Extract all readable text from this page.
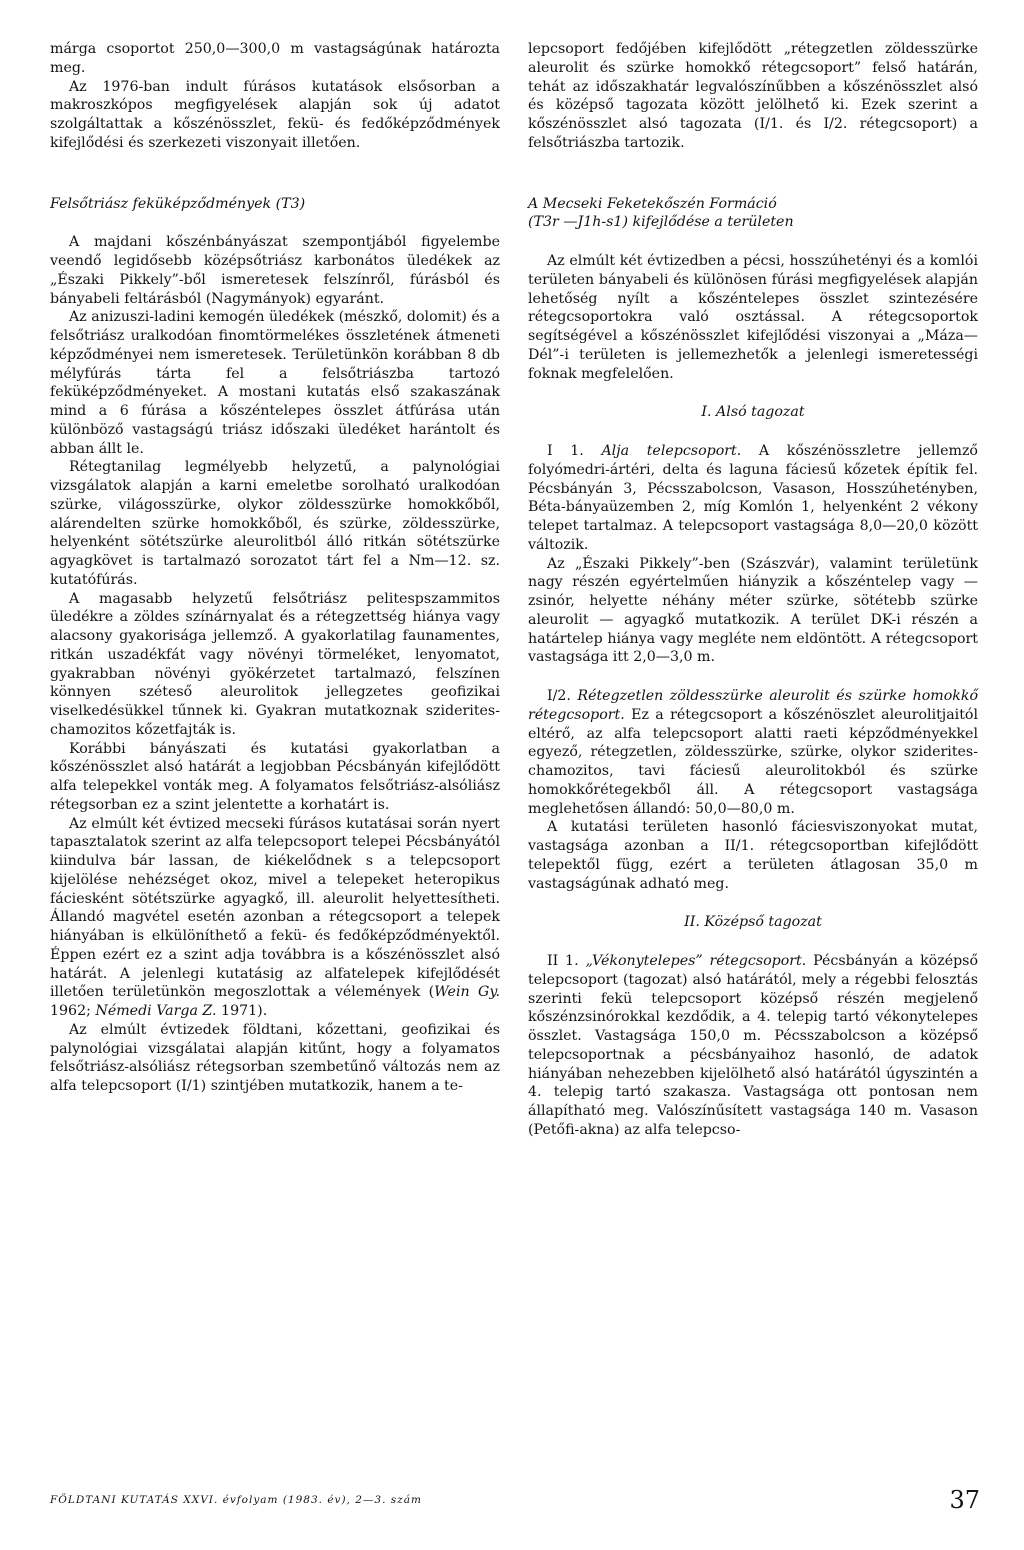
márga csoportot 250,0—300,0 m vastagságúnak határozta meg.

Az 1976-ban indult fúrásos kutatások elsősorban a makroszkópos megfigyelések alapján sok új adatot szolgáltattak a kőszénösszlet, fekü- és fedőképződmények kifejlődési és szerkezeti viszonyait illetően.

Felsőtriász feküképződmények (T3)

A majdani kőszénbányászat szempontjából figyelembe veendő legidősebb középsőtriász karbonátos üledékek az „Északi Pikkely”-ből ismeretesek felszínről, fúrásból és bányabeli feltárásból (Nagymányok) egyaránt.

Az anizuszi-ladini kemogén üledékek (mészkő, dolomit) és a felsőtriász uralkodóan finomtörmelékes összletének átmeneti képződményei nem ismeretesek. Területünkön korábban 8 db mélyfúrás tárta fel a felsőtriászba tartozó feküképződményeket. A mostani kutatás első szakaszának mind a 6 fúrása a kőszéntelepes összlet átfúrása után különböző vastagságú triász időszaki üledéket harántolt és abban állt le.

Rétegtanilag legmélyebb helyzetű, a palynológiai vizsgálatok alapján a karni emeletbe sorolható uralkodóan szürke, világosszürke, olykor zöldesszürke homokkőből, alárendelten szürke homokkőből, és szürke, zöldesszürke, helyenként sötétszürke aleurolitból álló ritkán sötétszürke agyagkövet is tartalmazó sorozatot tárt fel a Nm—12. sz. kutatófúrás.

A magasabb helyzetű felsőtriász pelitespszammitos üledékre a zöldes színárnyalat és a rétegzettség hiánya vagy alacsony gyakorisága jellemző. A gyakorlatilag faunamentes, ritkán uszadékfát vagy növényi törmeléket, lenyomatot, gyakrabban növényi gyökérzetet tartalmazó, felszínen könnyen széteső aleurolitok jellegzetes geofizikai viselkedésükkel tűnnek ki. Gyakran mutatkoznak sziderites-chamozitos kőzetfajták is.

Korábbi bányászati és kutatási gyakorlatban a kőszénösszlet alsó határát a legjobban Pécsbányán kifejlődött alfa telepekkel vonták meg. A folyamatos felsőtriász-alsóliász rétegsorban ez a szint jelentette a korhatárt is.

Az elmúlt két évtized mecseki fúrásos kutatásai során nyert tapasztalatok szerint az alfa telepcsoport telepei Pécsbányától kiindulva bár lassan, de kiékelődnek s a telepcsoport kijelölése nehézséget okoz, mivel a telepeket heteropikus fáciesként sötétszürke agyagkő, ill. aleurolit helyettesítheti. Állandó magvétel esetén azonban a rétegcsoport a telepek hiányában is elkülöníthető a fekü- és fedőképződményektől. Éppen ezért ez a szint adja továbbra is a kőszénösszlet alsó határát. A jelenlegi kutatásig az alfatelepek kifejlődését illetően területünkön megoszlottak a vélemények (Wein Gy. 1962; Némedi Varga Z. 1971).

Az elmúlt évtizedek földtani, kőzettani, geofizikai és palynológiai vizsgálatai alapján kitűnt, hogy a folyamatos felsőtriász-alsóliász rétegsorban szembetűnő változás nem az alfa telepcsoport (I/1) szintjében mutatkozik, hanem a te-

lepcsoport fedőjében kifejlődött „rétegzetlen zöldesszürke aleurolit és szürke homokkő rétegcsoport” felső határán, tehát az időszakhatár legvalószínűbben a kőszénösszlet alsó és középső tagozata között jelölhető ki. Ezek szerint a kőszénösszlet alsó tagozata (I/1. és I/2. rétegcsoport) a felsőtriászba tartozik.

A Mecseki Feketekőszén Formáció

(T3r —J1h-s1) kifejlődése a területen

Az elmúlt két évtizedben a pécsi, hosszúhetényi és a komlói területen bányabeli és különösen fúrási megfigyelések alapján lehetőség nyílt a kőszéntelepes összlet szintezésére rétegcsoportokra való osztással. A rétegcsoportok segítségével a kőszénösszlet kifejlődési viszonyai a „Máza—Dél”-i területen is jellemezhetők a jelenlegi ismeretességi foknak megfelelően.

I. Alsó tagozat

I 1. Alja telepcsoport. A kőszénösszletre jellemző folyómedri-ártéri, delta és laguna fáciesű kőzetek építik fel. Pécsbányán 3, Pécsszabolcson, Vasason, Hosszúhetényben, Béta-bányaüzemben 2, míg Komlón 1, helyenként 2 vékony telepet tartalmaz. A telepcsoport vastagsága 8,0—20,0 között változik.

Az „Északi Pikkely”-ben (Szászvár), valamint területünk nagy részén egyértelműen hiányzik a kőszéntelep vagy — zsinór, helyette néhány méter szürke, sötétebb szürke aleurolit — agyagkő mutatkozik. A terület DK-i részén a határtelep hiánya vagy megléte nem eldöntött. A rétegcsoport vastagsága itt 2,0—3,0 m.

I/2. Rétegzetlen zöldesszürke aleurolit és szürke homokkő rétegcsoport. Ez a rétegcsoport a kőszénöszlet aleurolitjaitól eltérő, az alfa telepcsoport alatti raeti képződményekkel egyező, rétegzetlen, zöldesszürke, szürke, olykor sziderites-chamozitos, tavi fáciesű aleurolitokból és szürke homokkőrétegekből áll. A rétegcsoport vastagsága meglehetősen állandó: 50,0—80,0 m.

A kutatási területen hasonló fáciesviszonyokat mutat, vastagsága azonban a II/1. rétegcsoportban kifejlődött telepektől függ, ezért a területen átlagosan 35,0 m vastagságúnak adható meg.

II. Középső tagozat

II 1. „Vékonytelepes” rétegcsoport. Pécsbányán a középső telepcsoport (tagozat) alsó határától, mely a régebbi felosztás szerinti fekü telepcsoport középső részén megjelenő kőszénzsinórokkal kezdődik, a 4. telepig tartó vékonytelepes összlet. Vastagsága 150,0 m. Pécsszabolcson a középső telepcsoportnak a pécsbányaihoz hasonló, de adatok hiányában nehezebben kijelölhető alsó határától úgyszintén a 4. telepig tartó szakasza. Vastagsága ott pontosan nem állapítható meg. Valószínűsített vastagsága 140 m. Vasason (Petőfi-akna) az alfa telepcso-

FÖLDTANI KUTATÁS XXVI. évfolyam (1983. év), 2—3. szám	37
